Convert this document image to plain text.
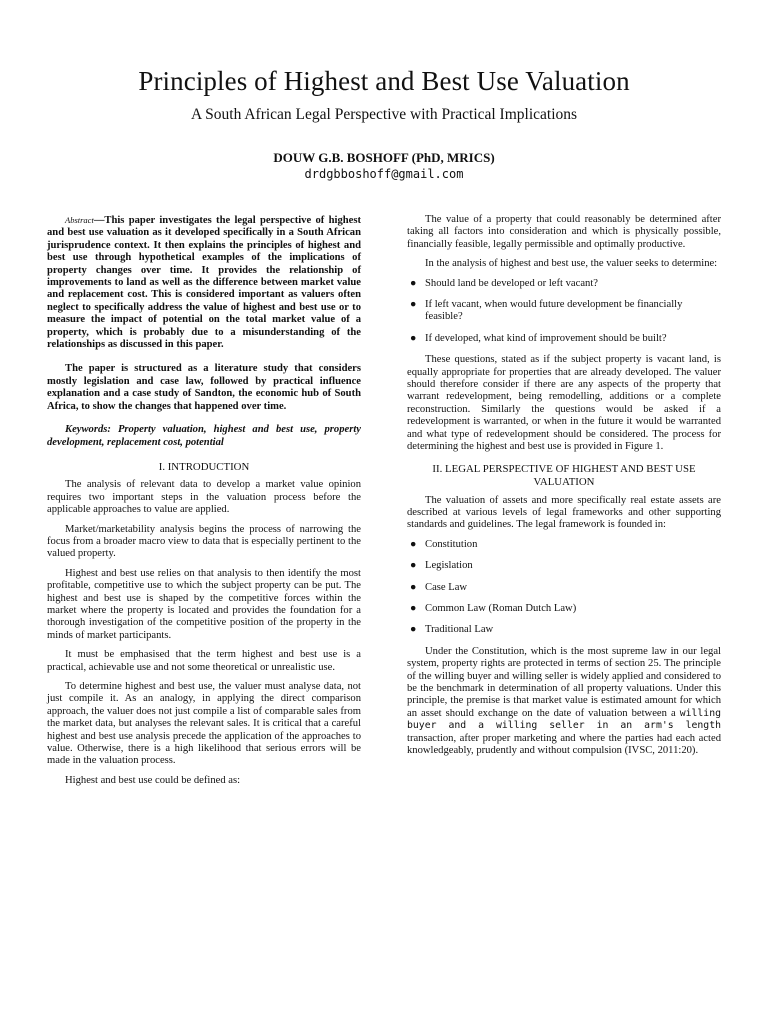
Principles of Highest and Best Use Valuation
A South African Legal Perspective with Practical Implications
DOUW G.B. BOSHOFF (PhD, MRICS)
drdgbboshoff@gmail.com

Abstract—This paper investigates the legal perspective of highest and best use valuation as it developed specifically in a South African jurisprudence context. It then explains the principles of highest and best use through hypothetical examples of the implications of property changes over time. It provides the relationship of improvements to land as well as the difference between market value and replacement cost. This is considered important as valuers often neglect to specifically address the value of highest and best use or to measure the impact of potential on the total market value of a property, which is probably due to a misunderstanding of the relationships as discussed in this paper.

The paper is structured as a literature study that considers mostly legislation and case law, followed by practical influence explanation and a case study of Sandton, the economic hub of South Africa, to show the changes that happened over time.

Keywords: Property valuation, highest and best use, property development, replacement cost, potential

I. INTRODUCTION

The analysis of relevant data to develop a market value opinion requires two important steps in the valuation process before the applicable approaches to value are applied.

Market/marketability analysis begins the process of narrowing the focus from a broader macro view to data that is especially pertinent to the valued property.

Highest and best use relies on that analysis to then identify the most profitable, competitive use to which the subject property can be put. The highest and best use is shaped by the competitive forces within the market where the property is located and provides the foundation for a thorough investigation of the competitive position of the property in the minds of market participants.

It must be emphasised that the term highest and best use is a practical, achievable use and not some theoretical or unrealistic use.

To determine highest and best use, the valuer must analyse data, not just compile it. As an analogy, in applying the direct comparison approach, the valuer does not just compile a list of comparable sales from the market data, but analyses the relevant sales. It is critical that a careful highest and best use analysis precede the application of the approaches to value. Otherwise, there is a high likelihood that serious errors will be made in the valuation process.

Highest and best use could be defined as:

The value of a property that could reasonably be determined after taking all factors into consideration and which is physically possible, financially feasible, legally permissible and optimally productive.

In the analysis of highest and best use, the valuer seeks to determine:

● Should land be developed or left vacant?
● If left vacant, when would future development be financially feasible?
● If developed, what kind of improvement should be built?

These questions, stated as if the subject property is vacant land, is equally appropriate for properties that are already developed. The valuer should therefore consider if there are any aspects of the property that warrant redevelopment, being remodelling, additions or a complete reconstruction. Similarly the questions would be asked if a redevelopment is warranted, or when in the future it would be warranted and what type of redevelopment should be considered. The process for determining the highest and best use is provided in Figure 1.

II. LEGAL PERSPECTIVE OF HIGHEST AND BEST USE VALUATION

The valuation of assets and more specifically real estate assets are described at various levels of legal frameworks and other supporting standards and guidelines. The legal framework is founded in:

● Constitution
● Legislation
● Case Law
● Common Law (Roman Dutch Law)
● Traditional Law

Under the Constitution, which is the most supreme law in our legal system, property rights are protected in terms of section 25. The principle of the willing buyer and willing seller is widely applied and considered to be the benchmark in determination of all property valuations. Under this principle, the premise is that market value is estimated amount for which an asset should exchange on the date of valuation between a willing buyer and a willing seller in an arm's length transaction, after proper marketing and where the parties had each acted knowledgeably, prudently and without compulsion (IVSC, 2011:20).
